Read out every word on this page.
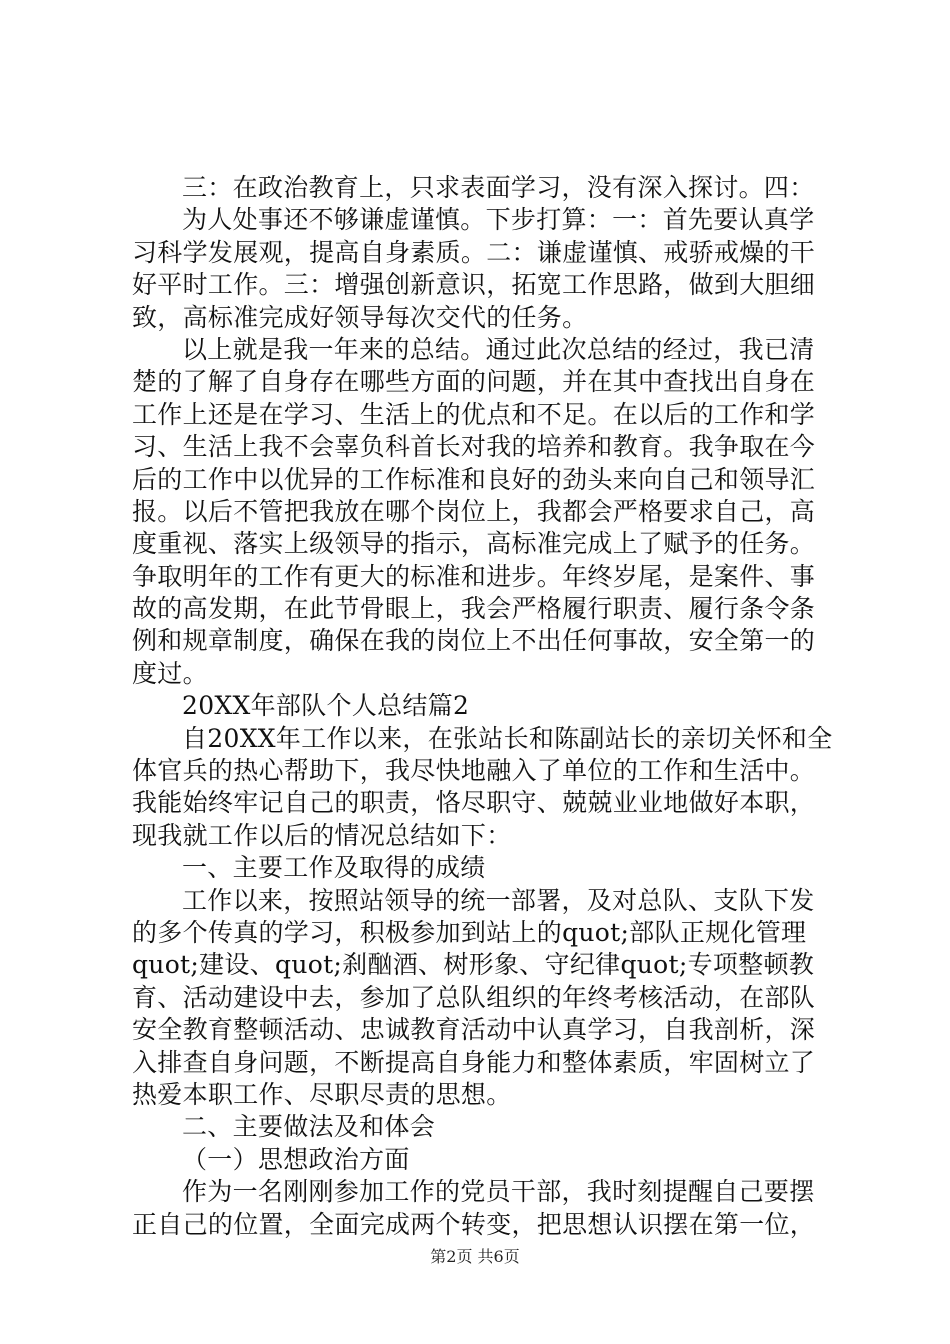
三：在政治教育上，只求表面学习，没有深入探讨。四：
为人处事还不够谦虚谨慎。下步打算：一：首先要认真学
习科学发展观，提高自身素质。二：谦虚谨慎、戒骄戒燥的干
好平时工作。三：增强创新意识，拓宽工作思路，做到大胆细
致，高标准完成好领导每次交代的任务。
以上就是我一年来的总结。通过此次总结的经过，我已清
楚的了解了自身存在哪些方面的问题，并在其中查找出自身在
工作上还是在学习、生活上的优点和不足。在以后的工作和学
习、生活上我不会辜负科首长对我的培养和教育。我争取在今
后的工作中以优异的工作标准和良好的劲头来向自己和领导汇
报。以后不管把我放在哪个岗位上，我都会严格要求自己，高
度重视、落实上级领导的指示，高标准完成上了赋予的任务。
争取明年的工作有更大的标准和进步。年终岁尾，是案件、事
故的高发期，在此节骨眼上，我会严格履行职责、履行条令条
例和规章制度，确保在我的岗位上不出任何事故，安全第一的
度过。
20XX年部队个人总结篇2
自20XX年工作以来，在张站长和陈副站长的亲切关怀和全
体官兵的热心帮助下，我尽快地融入了单位的工作和生活中。
我能始终牢记自己的职责，恪尽职守、兢兢业业地做好本职，
现我就工作以后的情况总结如下：
一、主要工作及取得的成绩
工作以来，按照站领导的统一部署，及对总队、支队下发
的多个传真的学习，积极参加到站上的quot;部队正规化管理
quot;建设、quot;刹酗酒、树形象、守纪律quot;专项整顿教
育、活动建设中去，参加了总队组织的年终考核活动，在部队
安全教育整顿活动、忠诚教育活动中认真学习，自我剖析，深
入排查自身问题，不断提高自身能力和整体素质，牢固树立了
热爱本职工作、尽职尽责的思想。
二、主要做法及和体会
（一）思想政治方面
作为一名刚刚参加工作的党员干部，我时刻提醒自己要摆
正自己的位置，全面完成两个转变，把思想认识摆在第一位，
第2页 共6页
